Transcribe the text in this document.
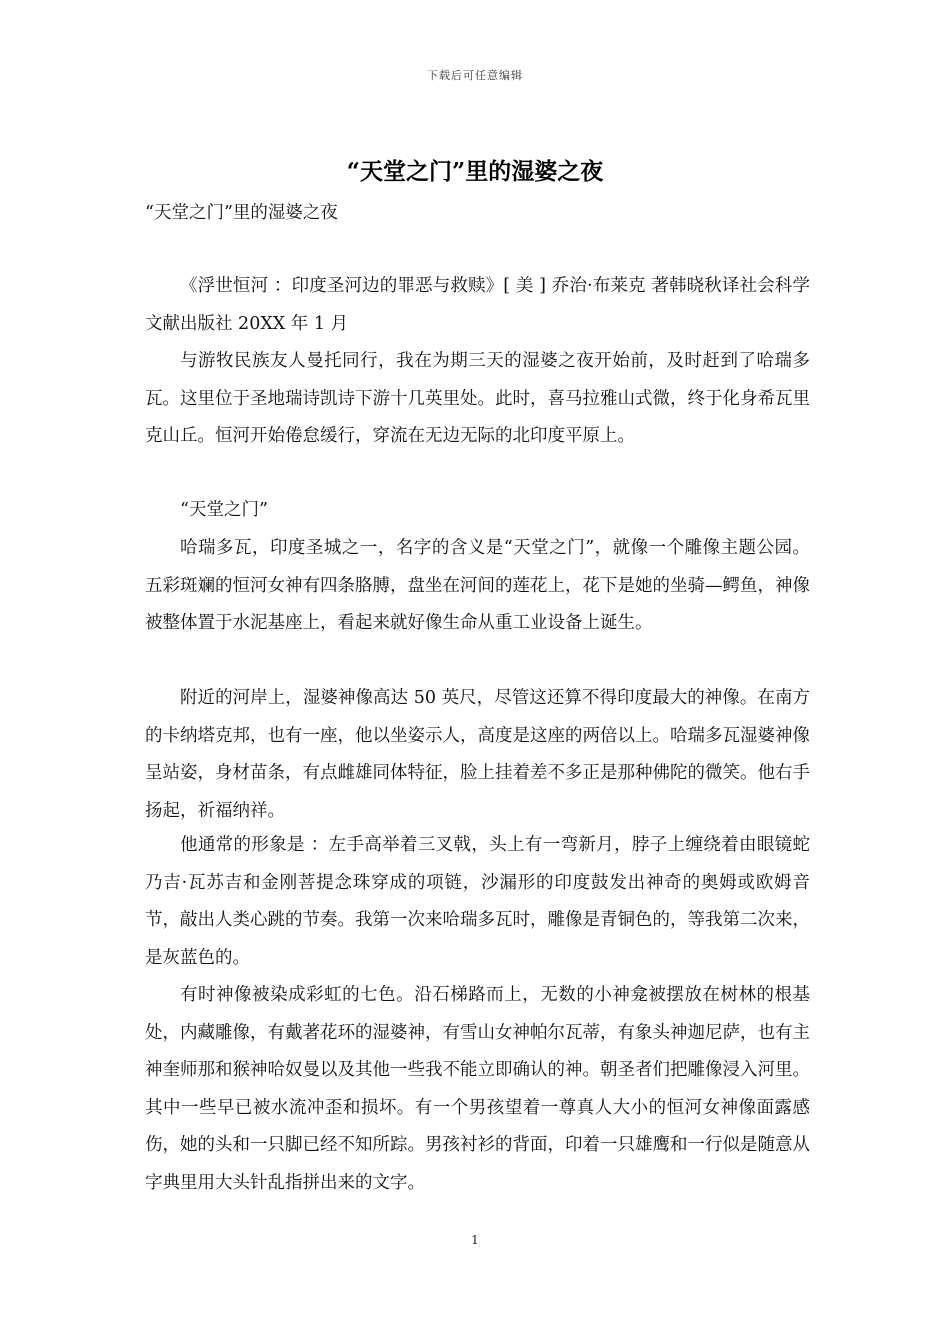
下载后可任意编辑
“天堂之门”里的湿婆之夜
“天堂之门”里的湿婆之夜
《浮世恒河 ：印度圣河边的罪恶与救赎》[ 美 ] 乔治·布莱克 著韩晓秋译社会科学文献出版社 20XX 年 1 月
与游牧民族友人曼托同行，我在为期三天的湿婆之夜开始前，及时赶到了哈瑞多瓦。这里位于圣地瑞诗凯诗下游十几英里处。此时，喜马拉雅山式微，终于化身希瓦里克山丘。恒河开始倦怠缓行，穿流在无边无际的北印度平原上。
“天堂之门”
哈瑞多瓦，印度圣城之一，名字的含义是“天堂之门”，就像一个雕像主题公园。五彩斑斓的恒河女神有四条胳膊，盘坐在河间的莲花上，花下是她的坐骑—鳄鱼，神像被整体置于水泥基座上，看起来就好像生命从重工业设备上诞生。
附近的河岸上，湿婆神像高达 50 英尺，尽管这还算不得印度最大的神像。在南方的卡纳塔克邦，也有一座，他以坐姿示人，高度是这座的两倍以上。哈瑞多瓦湿婆神像呈站姿，身材苗条，有点雌雄同体特征，脸上挂着差不多正是那种佛陀的微笑。他右手扬起，祈福纳祥。
他通常的形象是 ：左手高举着三叉戟，头上有一弯新月，脖子上缠绕着由眼镜蛇乃吉·瓦苏吉和金刚菩提念珠穿成的项链，沙漏形的印度鼓发出神奇的奥姆或欧姆音节，敲出人类心跳的节奏。我第一次来哈瑞多瓦时，雕像是青铜色的，等我第二次来，是灰蓝色的。
有时神像被染成彩虹的七色。沿石梯路而上，无数的小神龛被摆放在树林的根基处，内藏雕像，有戴著花环的湿婆神，有雪山女神帕尔瓦蒂，有象头神迦尼萨，也有主神奎师那和猴神哈奴曼以及其他一些我不能立即确认的神。朝圣者们把雕像浸入河里。其中一些早已被水流冲歪和损坏。有一个男孩望着一尊真人大小的恒河女神像面露感伤，她的头和一只脚已经不知所踪。男孩衬衫的背面，印着一只雄鹰和一行似是随意从字典里用大头针乱指拼出来的文字。
1
